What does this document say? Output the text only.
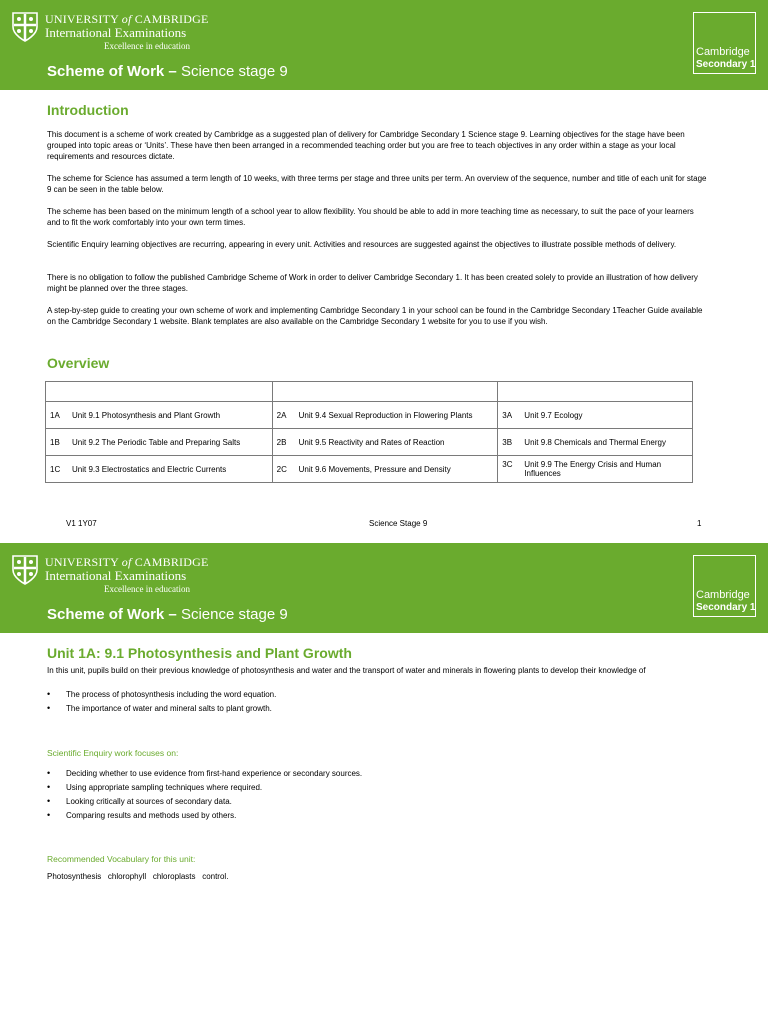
UNIVERSITY of CAMBRIDGE
International Examinations
Excellence in education
Scheme of Work – Science stage 9
Cambridge
Secondary 1
Introduction

This document is a scheme of work created by Cambridge as a suggested plan of delivery for Cambridge Secondary 1 Science stage 9. Learning objectives for the stage have been grouped into topic areas or ‘Units’. These have then been arranged in a recommended teaching order but you are free to teach objectives in any order within a stage as your local requirements and resources dictate.

The scheme for Science has assumed a term length of 10 weeks, with three terms per stage and three units per term. An overview of the sequence, number and title of each unit for stage 9 can be seen in the table below.

The scheme has been based on the minimum length of a school year to allow flexibility. You should be able to add in more teaching time as necessary, to suit the pace of your learners and to fit the work comfortably into your own term times.

Scientific Enquiry learning objectives are recurring, appearing in every unit. Activities and resources are suggested against the objectives to illustrate possible methods of delivery.

There is no obligation to follow the published Cambridge Scheme of Work in order to deliver Cambridge Secondary 1. It has been created solely to provide an illustration of how delivery might be planned over the three stages.

A step-by-step guide to creating your own scheme of work and implementing Cambridge Secondary 1 in your school can be found in the Cambridge Secondary 1Teacher Guide available on the Cambridge Secondary 1 website. Blank templates are also available on the Cambridge Secondary 1 website for you to use if you wish.

Overview

1A Unit 9.1 Photosynthesis and Plant Growth	2A Unit 9.4 Sexual Reproduction in Flowering Plants	3A Unit 9.7 Ecology

1B Unit 9.2 The Periodic Table and Preparing Salts	2B Unit 9.5 Reactivity and Rates of Reaction	3B Unit 9.8 Chemicals and Thermal Energy

1C Unit 9.3 Electrostatics and Electric Currents	2C Unit 9.6 Movements, Pressure and Density	3C Unit 9.9 The Energy Crisis and Human Influences
V1 1Y07	Science Stage 9	1
UNIVERSITY of CAMBRIDGE
International Examinations
Excellence in education
Scheme of Work – Science stage 9
Cambridge
Secondary 1
Unit 1A: 9.1 Photosynthesis and Plant Growth

In this unit, pupils build on their previous knowledge of photosynthesis and water and the transport of water and minerals in flowering plants to develop their knowledge of

• The process of photosynthesis including the word equation.
• The importance of water and mineral salts to plant growth.
Scientific Enquiry work focuses on:
• Deciding whether to use evidence from first-hand experience or secondary sources.
• Using appropriate sampling techniques where required.
• Looking critically at sources of secondary data.
• Comparing results and methods used by others.
Recommended Vocabulary for this unit:
Photosynthesis   chlorophyll   chloroplasts   control.
